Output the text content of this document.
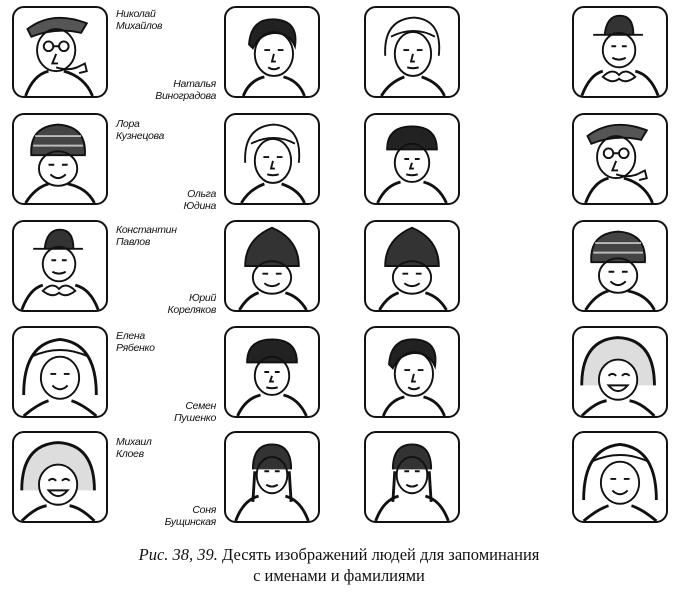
Николай
Михайлов
Лора
Кузнецова
Константин
Павлов
Елена
Рябенко
Михаил
Клоев
Наталья
Виноградова
Ольга
Юдина
Юрий
Кореляков
Семен
Пушенко
Соня
Бущинская
Рис. 38, 39. Десять изображений людей для запоминания
с именами и фамилиями
